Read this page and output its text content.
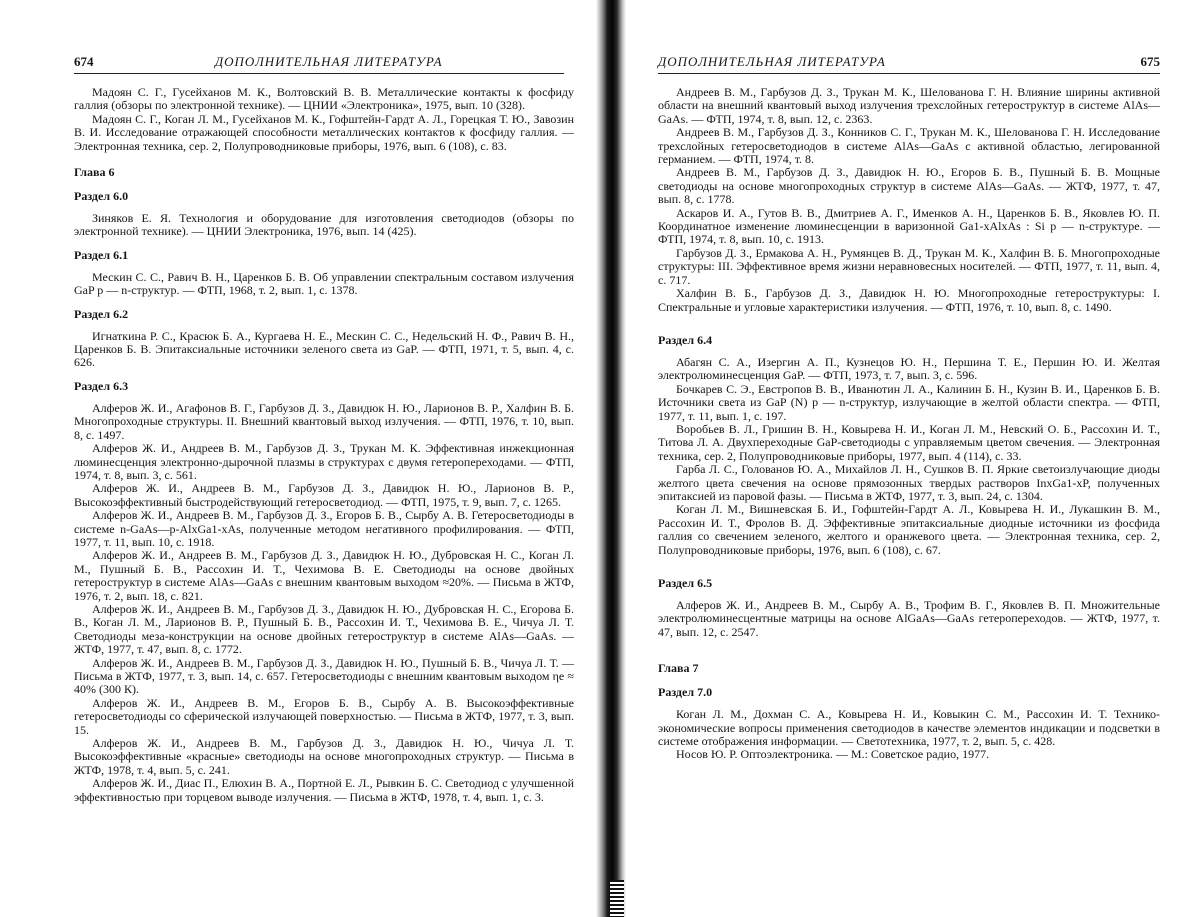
674	ДОПОЛНИТЕЛЬНАЯ ЛИТЕРАТУРА

Мадоян С. Г., Гусейханов М. К., Волтовский В. В. Металлические контакты к фосфиду галлия (обзоры по электронной технике). — ЦНИИ «Электроника», 1975, вып. 10 (328).

Мадоян С. Г., Коган Л. М., Гусейханов М. К., Гофштейн-Гардт А. Л., Горецкая Т. Ю., Завозин В. И. Исследование отражающей способности металлических контактов к фосфиду галлия. — Электронная техника, сер. 2, Полупроводниковые приборы, 1976, вып. 6 (108), с. 83.

Глава 6
Раздел 6.0

Зиняков Е. Я. Технология и оборудование для изготовления светодиодов (обзоры по электронной технике). — ЦНИИ Электроника, 1976, вып. 14 (425).

Раздел 6.1

Мескин С. С., Равич В. Н., Царенков Б. В. Об управлении спектральным составом излучения GaP p — n-структур. — ФТП, 1968, т. 2, вып. 1, с. 1378.

Раздел 6.2

Игнаткина Р. С., Красюк Б. А., Кургаева Н. Е., Мескин С. С., Недельский Н. Ф., Равич В. Н., Царенков Б. В. Эпитаксиальные источники зеленого света из GaP. — ФТП, 1971, т. 5, вып. 4, с. 626.

Раздел 6.3

Алферов Ж. И., Агафонов В. Г., Гарбузов Д. З., Давидюк Н. Ю., Ларионов В. Р., Халфин В. Б. Многопроходные структуры. II. Внешний квантовый выход излучения. — ФТП, 1976, т. 10, вып. 8, с. 1497.

Алферов Ж. И., Андреев В. М., Гарбузов Д. З., Трукан М. К. Эффективная инжекционная люминесценция электронно-дырочной плазмы в структурах с двумя гетеропереходами. — ФТП, 1974, т. 8, вып. 3, с. 561.

Алферов Ж. И., Андреев В. М., Гарбузов Д. З., Давидюк Н. Ю., Ларионов В. Р., Высокоэффективный быстродействующий гетеросветодиод. — ФТП, 1975, т. 9, вып. 7, с. 1265.

Алферов Ж. И., Андреев В. М., Гарбузов Д. З., Егоров Б. В., Сырбу А. В. Гетеросветодиоды в системе n-GaAs—p-AlxGa1-xAs, полученные методом негативного профилирования. — ФТП, 1977, т. 11, вып. 10, с. 1918.

Алферов Ж. И., Андреев В. М., Гарбузов Д. З., Давидюк Н. Ю., Дубровская Н. С., Коган Л. М., Пушный Б. В., Рассохин И. Т., Чехимова В. Е. Светодиоды на основе двойных гетероструктур в системе AlAs—GaAs с внешним квантовым выходом ≈20%. — Письма в ЖТФ, 1976, т. 2, вып. 18, с. 821.

Алферов Ж. И., Андреев В. М., Гарбузов Д. З., Давидюк Н. Ю., Дубровская Н. С., Егорова Б. В., Коган Л. М., Ларионов В. Р., Пушный Б. В., Рассохин И. Т., Чехимова В. Е., Чичуа Л. Т. Светодиоды меза-конструкции на основе двойных гетероструктур в системе AlAs—GaAs. — ЖТФ, 1977, т. 47, вып. 8, с. 1772.

Алферов Ж. И., Андреев В. М., Гарбузов Д. З., Давидюк Н. Ю., Пушный Б. В., Чичуа Л. Т. — Письма в ЖТФ, 1977, т. 3, вып. 14, с. 657. Гетеросветодиоды с внешним квантовым выходом ηe ≈ 40% (300 К).

Алферов Ж. И., Андреев В. М., Егоров Б. В., Сырбу А. В. Высокоэффективные гетеросветодиоды со сферической излучающей поверхностью. — Письма в ЖТФ, 1977, т. 3, вып. 15.

Алферов Ж. И., Андреев В. М., Гарбузов Д. З., Давидюк Н. Ю., Чичуа Л. Т. Высокоэффективные «красные» светодиоды на основе многопроходных структур. — Письма в ЖТФ, 1978, т. 4, вып. 5, с. 241.

Алферов Ж. И., Диас П., Елюхин В. А., Портной Е. Л., Рывкин Б. С. Светодиод с улучшенной эффективностью при торцевом выводе излучения. — Письма в ЖТФ, 1978, т. 4, вып. 1, с. 3.

ДОПОЛНИТЕЛЬНАЯ ЛИТЕРАТУРА	675

Андреев В. М., Гарбузов Д. З., Трукан М. К., Шелованова Г. Н. Влияние ширины активной области на внешний квантовый выход излучения трехслойных гетероструктур в системе AlAs—GaAs. — ФТП, 1974, т. 8, вып. 12, с. 2363.

Андреев В. М., Гарбузов Д. З., Конников С. Г., Трукан М. К., Шелованова Г. Н. Исследование трехслойных гетеросветодиодов в системе AlAs—GaAs с активной областью, легированной германием. — ФТП, 1974, т. 8.

Андреев В. М., Гарбузов Д. З., Давидюк Н. Ю., Егоров Б. В., Пушный Б. В. Мощные светодиоды на основе многопроходных структур в системе AlAs—GaAs. — ЖТФ, 1977, т. 47, вып. 8, с. 1778.

Аскаров И. А., Гутов В. В., Дмитриев А. Г., Именков А. Н., Царенков Б. В., Яковлев Ю. П. Координатное изменение люминесценции в варизонной Ga1-xAlxAs : Si p — n-структуре. — ФТП, 1974, т. 8, вып. 10, с. 1913.

Гарбузов Д. З., Ермакова А. Н., Румянцев В. Д., Трукан М. К., Халфин В. Б. Многопроходные структуры: III. Эффективное время жизни неравновесных носителей. — ФТП, 1977, т. 11, вып. 4, с. 717.

Халфин В. Б., Гарбузов Д. З., Давидюк Н. Ю. Многопроходные гетероструктуры: I. Спектральные и угловые характеристики излучения. — ФТП, 1976, т. 10, вып. 8, с. 1490.

Раздел 6.4

Абагян С. А., Изергин А. П., Кузнецов Ю. Н., Першина Т. Е., Першин Ю. И. Желтая электролюминесценция GaP. — ФТП, 1973, т. 7, вып. 3, с. 596.

Бочкарев С. Э., Евстропов В. В., Иванютин Л. А., Калинин Б. Н., Кузин В. И., Царенков Б. В. Источники света из GaP (N) p — n-структур, излучающие в желтой области спектра. — ФТП, 1977, т. 11, вып. 1, с. 197.

Воробьев В. Л., Гришин В. Н., Ковырева Н. И., Коган Л. М., Невский О. Б., Рассохин И. Т., Титова Л. А. Двухпереходные GaP-светодиоды с управляемым цветом свечения. — Электронная техника, сер. 2, Полупроводниковые приборы, 1977, вып. 4 (114), с. 33.

Гарба Л. С., Голованов Ю. А., Михайлов Л. Н., Сушков В. П. Яркие светоизлучающие диоды желтого цвета свечения на основе прямозонных твердых растворов InxGa1-xP, полученных эпитаксией из паровой фазы. — Письма в ЖТФ, 1977, т. 3, вып. 24, с. 1304.

Коган Л. М., Вишневская Б. И., Гофштейн-Гардт А. Л., Ковырева Н. И., Лукашкин В. М., Рассохин И. Т., Фролов В. Д. Эффективные эпитаксиальные диодные источники из фосфида галлия со свечением зеленого, желтого и оранжевого цвета. — Электронная техника, сер. 2, Полупроводниковые приборы, 1976, вып. 6 (108), с. 67.

Раздел 6.5

Алферов Ж. И., Андреев В. М., Сырбу А. В., Трофим В. Г., Яковлев В. П. Множительные электролюминесцентные матрицы на основе AlGaAs—GaAs гетеропереходов. — ЖТФ, 1977, т. 47, вып. 12, с. 2547.

Глава 7
Раздел 7.0

Коган Л. М., Дохман С. А., Ковырева Н. И., Ковыкин С. М., Рассохин И. Т. Технико-экономические вопросы применения светодиодов в качестве элементов индикации и подсветки в системе отображения информации. — Светотехника, 1977, т. 2, вып. 5, с. 428.

Носов Ю. Р. Оптоэлектроника. — М.: Советское радио, 1977.
